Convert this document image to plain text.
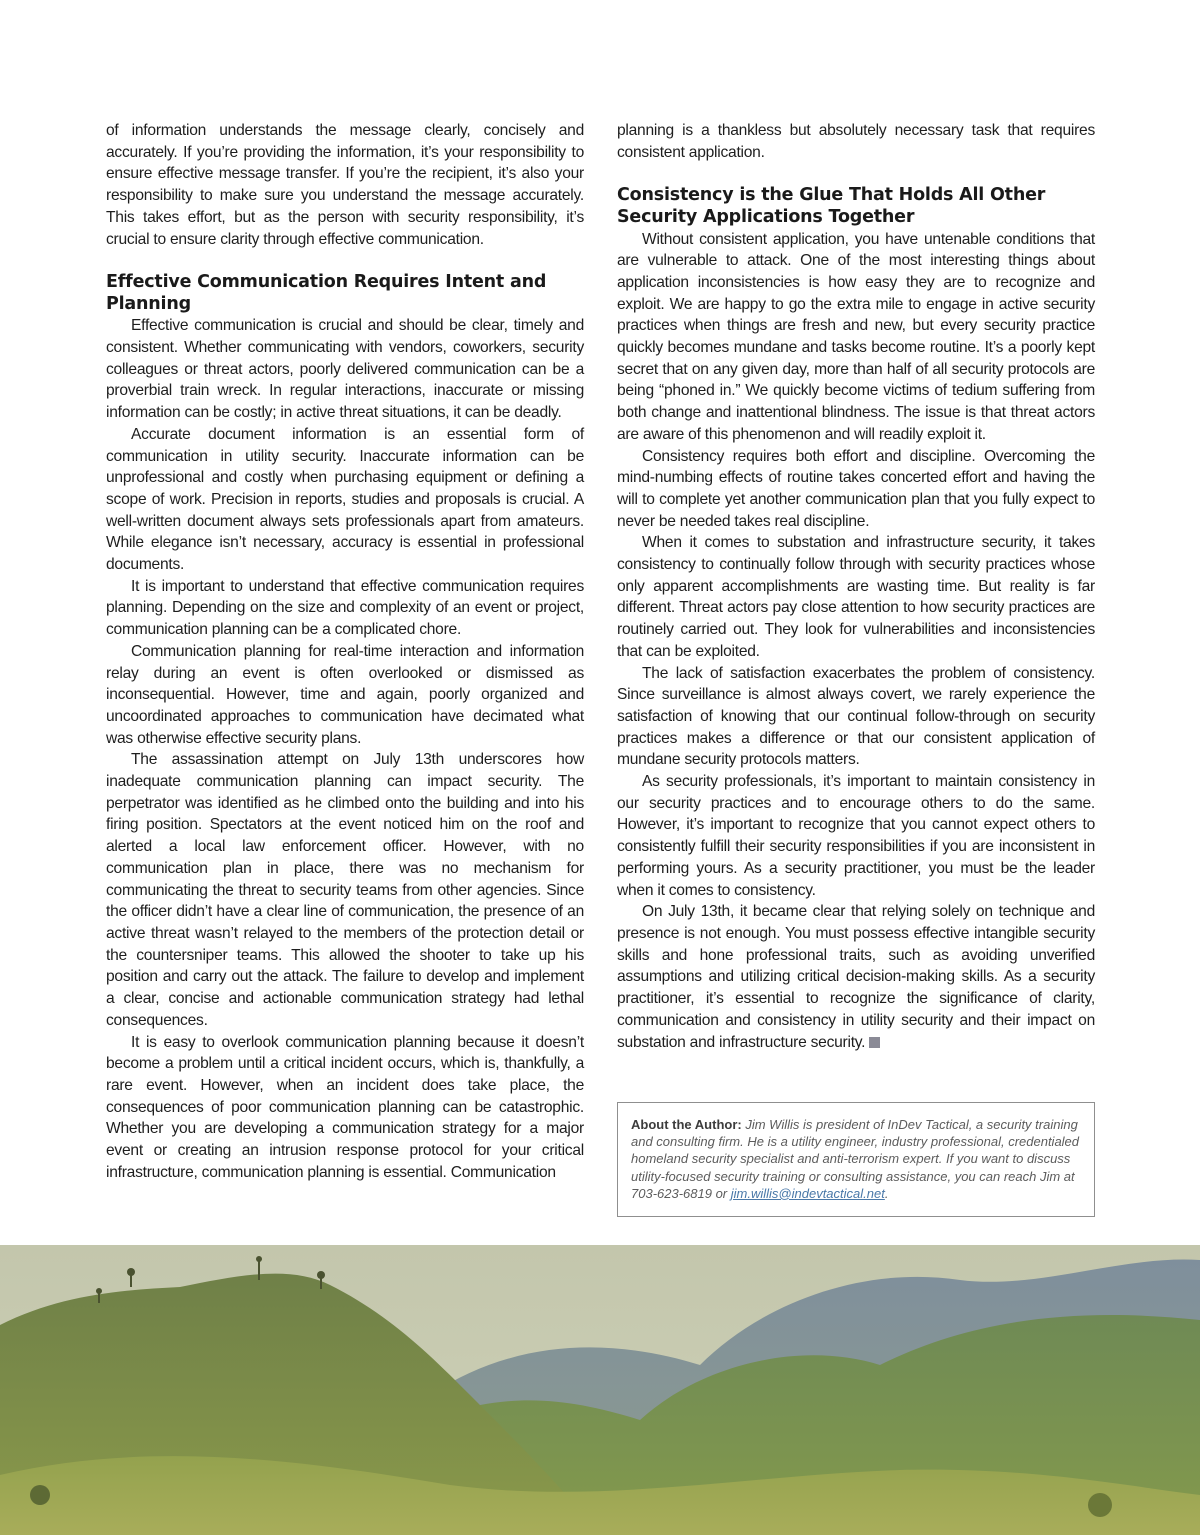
of information understands the message clearly, concisely and accurately. If you’re providing the information, it’s your responsibility to ensure effective message transfer. If you’re the recipient, it’s also your responsibility to make sure you understand the message accurately. This takes effort, but as the person with security responsibility, it’s crucial to ensure clarity through effective communication.

Effective Communication Requires Intent and Planning

Effective communication is crucial and should be clear, timely and consistent. Whether communicating with vendors, coworkers, security colleagues or threat actors, poorly delivered communication can be a proverbial train wreck. In regular interactions, inaccurate or missing information can be costly; in active threat situations, it can be deadly.

Accurate document information is an essential form of communication in utility security. Inaccurate information can be unprofessional and costly when purchasing equipment or defining a scope of work. Precision in reports, studies and proposals is crucial. A well-written document always sets professionals apart from amateurs. While elegance isn’t necessary, accuracy is essential in professional documents.

It is important to understand that effective communication requires planning. Depending on the size and complexity of an event or project, communication planning can be a complicated chore.

Communication planning for real-time interaction and information relay during an event is often overlooked or dismissed as inconsequential. However, time and again, poorly organized and uncoordinated approaches to communication have decimated what was otherwise effective security plans.

The assassination attempt on July 13th underscores how inadequate communication planning can impact security. The perpetrator was identified as he climbed onto the building and into his firing position. Spectators at the event noticed him on the roof and alerted a local law enforcement officer. However, with no communication plan in place, there was no mechanism for communicating the threat to security teams from other agencies. Since the officer didn’t have a clear line of communication, the presence of an active threat wasn’t relayed to the members of the protection detail or the countersniper teams. This allowed the shooter to take up his position and carry out the attack. The failure to develop and implement a clear, concise and actionable communication strategy had lethal consequences.

It is easy to overlook communication planning because it doesn’t become a problem until a critical incident occurs, which is, thankfully, a rare event. However, when an incident does take place, the consequences of poor communication planning can be catastrophic. Whether you are developing a communication strategy for a major event or creating an intrusion response protocol for your critical infrastructure, communication planning is essential. Communication

planning is a thankless but absolutely necessary task that requires consistent application.

Consistency is the Glue That Holds All Other Security Applications Together

Without consistent application, you have untenable conditions that are vulnerable to attack. One of the most interesting things about application inconsistencies is how easy they are to recognize and exploit. We are happy to go the extra mile to engage in active security practices when things are fresh and new, but every security practice quickly becomes mundane and tasks become routine. It’s a poorly kept secret that on any given day, more than half of all security protocols are being “phoned in.” We quickly become victims of tedium suffering from both change and inattentional blindness. The issue is that threat actors are aware of this phenomenon and will readily exploit it.

Consistency requires both effort and discipline. Overcoming the mind-numbing effects of routine takes concerted effort and having the will to complete yet another communication plan that you fully expect to never be needed takes real discipline.

When it comes to substation and infrastructure security, it takes consistency to continually follow through with security practices whose only apparent accomplishments are wasting time. But reality is far different. Threat actors pay close attention to how security practices are routinely carried out. They look for vulnerabilities and inconsistencies that can be exploited.

The lack of satisfaction exacerbates the problem of consistency. Since surveillance is almost always covert, we rarely experience the satisfaction of knowing that our continual follow-through on security practices makes a difference or that our consistent application of mundane security protocols matters.

As security professionals, it’s important to maintain consistency in our security practices and to encourage others to do the same. However, it’s important to recognize that you cannot expect others to consistently fulfill their security responsibilities if you are inconsistent in performing yours. As a security practitioner, you must be the leader when it comes to consistency.

On July 13th, it became clear that relying solely on technique and presence is not enough. You must possess effective intangible security skills and hone professional traits, such as avoiding unverified assumptions and utilizing critical decision-making skills. As a security practitioner, it’s essential to recognize the significance of clarity, communication and consistency in utility security and their impact on substation and infrastructure security.

About the Author: Jim Willis is president of InDev Tactical, a security training and consulting firm. He is a utility engineer, industry professional, credentialed homeland security specialist and anti-terrorism expert. If you want to discuss utility-focused security training or consulting assistance, you can reach Jim at 703-623-6819 or jim.willis@indevtactical.net.
